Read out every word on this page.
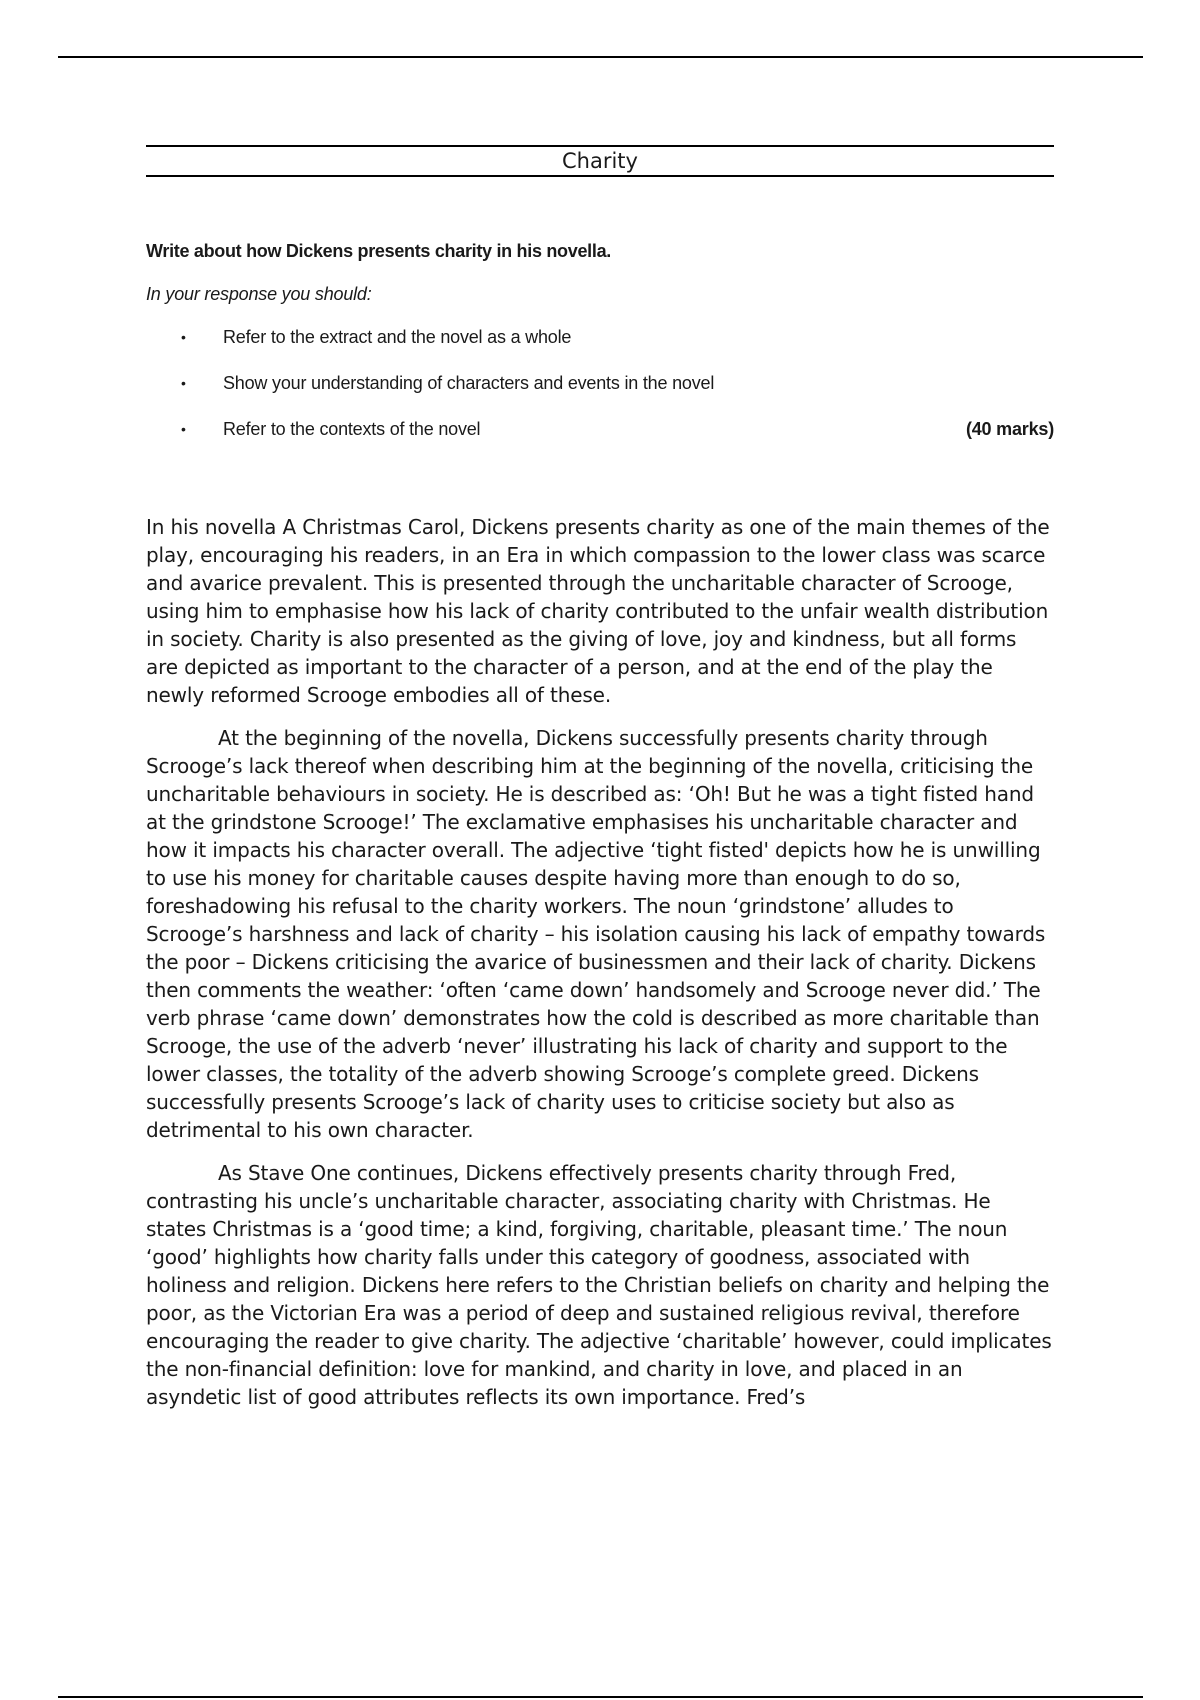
Charity
Write about how Dickens presents charity in his novella.
In your response you should:
• Refer to the extract and the novel as a whole
• Show your understanding of characters and events in the novel
• Refer to the contexts of the novel	(40 marks)

In his novella A Christmas Carol, Dickens presents charity as one of the main themes of the play, encouraging his readers, in an Era in which compassion to the lower class was scarce and avarice prevalent. This is presented through the uncharitable character of Scrooge, using him to emphasise how his lack of charity contributed to the unfair wealth distribution in society. Charity is also presented as the giving of love, joy and kindness, but all forms are depicted as important to the character of a person, and at the end of the play the newly reformed Scrooge embodies all of these.

At the beginning of the novella, Dickens successfully presents charity through Scrooge’s lack thereof when describing him at the beginning of the novella, criticising the uncharitable behaviours in society. He is described as: ‘Oh! But he was a tight fisted hand at the grindstone Scrooge!’ The exclamative emphasises his uncharitable character and how it impacts his character overall. The adjective ‘tight fisted' depicts how he is unwilling to use his money for charitable causes despite having more than enough to do so, foreshadowing his refusal to the charity workers. The noun ‘grindstone’ alludes to Scrooge’s harshness and lack of charity – his isolation causing his lack of empathy towards the poor – Dickens criticising the avarice of businessmen and their lack of charity. Dickens then comments the weather: ‘often ‘came down’ handsomely and Scrooge never did.’ The verb phrase ‘came down’ demonstrates how the cold is described as more charitable than Scrooge, the use of the adverb ‘never’ illustrating his lack of charity and support to the lower classes, the totality of the adverb showing Scrooge’s complete greed. Dickens successfully presents Scrooge’s lack of charity uses to criticise society but also as detrimental to his own character.

As Stave One continues, Dickens effectively presents charity through Fred, contrasting his uncle’s uncharitable character, associating charity with Christmas. He states Christmas is a ‘good time; a kind, forgiving, charitable, pleasant time.’ The noun ‘good’ highlights how charity falls under this category of goodness, associated with holiness and religion. Dickens here refers to the Christian beliefs on charity and helping the poor, as the Victorian Era was a period of deep and sustained religious revival, therefore encouraging the reader to give charity. The adjective ‘charitable’ however, could implicates the non-financial definition: love for mankind, and charity in love, and placed in an asyndetic list of good attributes reflects its own importance. Fred’s
